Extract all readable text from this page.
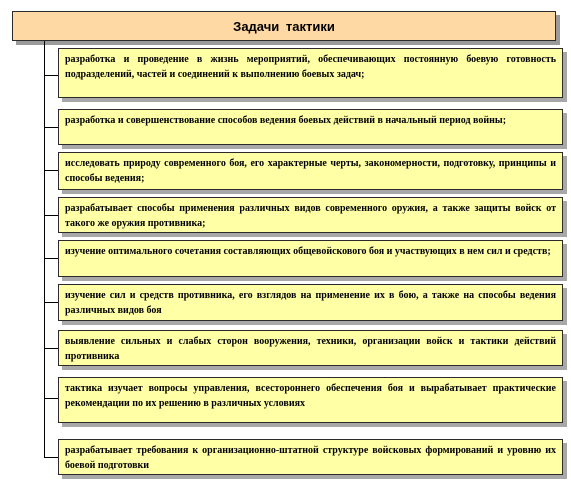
Задачи тактики
разработка и проведение в жизнь мероприятий, обеспечивающих постоянную боевую готовность подразделений, частей и соединений к выполнению боевых задач;
разработка и совершенствование способов ведения боевых действий в начальный период войны;
исследовать природу современного боя, его характерные черты, закономерности, подготовку, принципы и способы ведения;
разрабатывает способы применения различных видов современного оружия, а также защиты войск от такого же оружия противника;
изучение оптимального сочетания составляющих общевойскового боя и участвующих в нем сил и средств;
изучение сил и средств противника, его взглядов на применение их в бою, а также на способы ведения различных видов боя
выявление сильных и слабых сторон вооружения, техники, организации войск и тактики действий противника
тактика изучает вопросы управления, всестороннего обеспечения боя и вырабатывает практические рекомендации по их решению в различных условиях
разрабатывает требования к организационно-штатной структуре войсковых формирований и уровню их боевой подготовки
